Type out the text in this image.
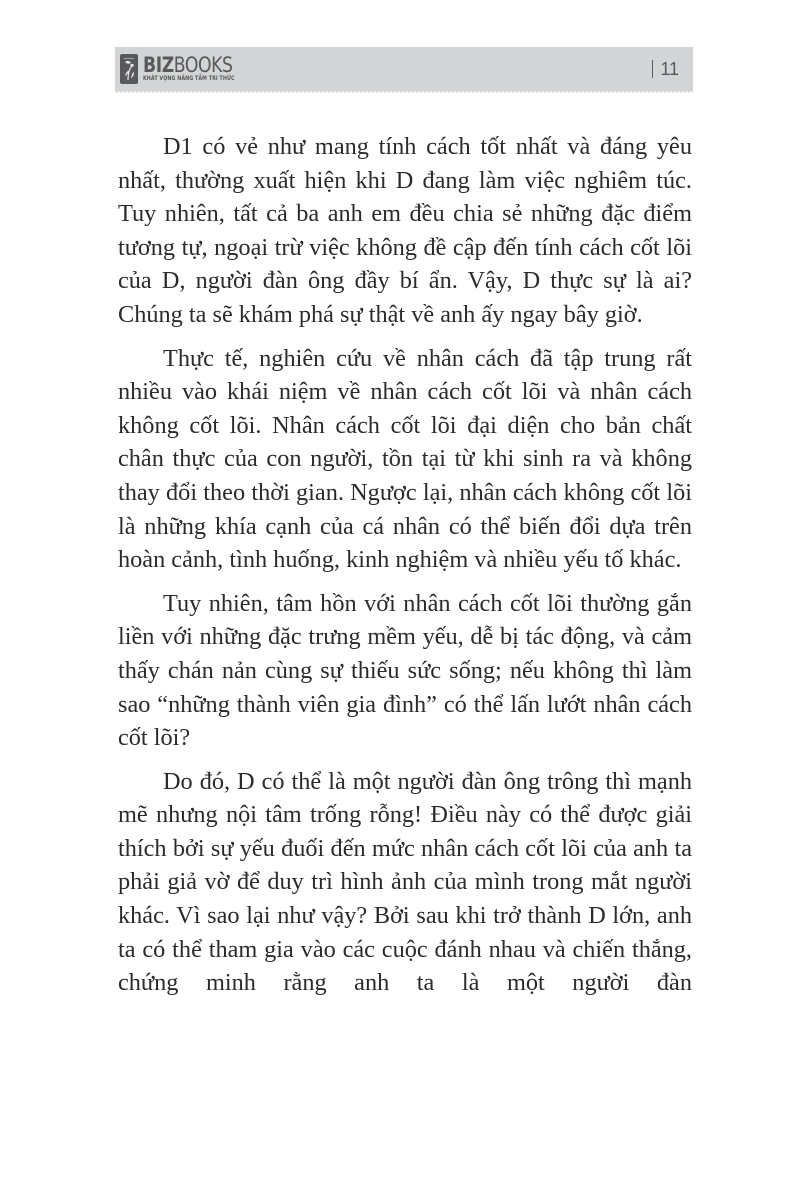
BIZBOOKS
KHÁT VỌNG NÂNG TẦM TRI THỨC	11

D1 có vẻ như mang tính cách tốt nhất và đáng yêu nhất, thường xuất hiện khi D đang làm việc nghiêm túc. Tuy nhiên, tất cả ba anh em đều chia sẻ những đặc điểm tương tự, ngoại trừ việc không đề cập đến tính cách cốt lõi của D, người đàn ông đầy bí ẩn. Vậy, D thực sự là ai? Chúng ta sẽ khám phá sự thật về anh ấy ngay bây giờ.

Thực tế, nghiên cứu về nhân cách đã tập trung rất nhiều vào khái niệm về nhân cách cốt lõi và nhân cách không cốt lõi. Nhân cách cốt lõi đại diện cho bản chất chân thực của con người, tồn tại từ khi sinh ra và không thay đổi theo thời gian. Ngược lại, nhân cách không cốt lõi là những khía cạnh của cá nhân có thể biến đổi dựa trên hoàn cảnh, tình huống, kinh nghiệm và nhiều yếu tố khác.

Tuy nhiên, tâm hồn với nhân cách cốt lõi thường gắn liền với những đặc trưng mềm yếu, dễ bị tác động, và cảm thấy chán nản cùng sự thiếu sức sống; nếu không thì làm sao “những thành viên gia đình” có thể lấn lướt nhân cách cốt lõi?

Do đó, D có thể là một người đàn ông trông thì mạnh mẽ nhưng nội tâm trống rỗng! Điều này có thể được giải thích bởi sự yếu đuối đến mức nhân cách cốt lõi của anh ta phải giả vờ để duy trì hình ảnh của mình trong mắt người khác. Vì sao lại như vậy? Bởi sau khi trở thành D lớn, anh ta có thể tham gia vào các cuộc đánh nhau và chiến thắng, chứng minh rằng anh ta là một người đàn
